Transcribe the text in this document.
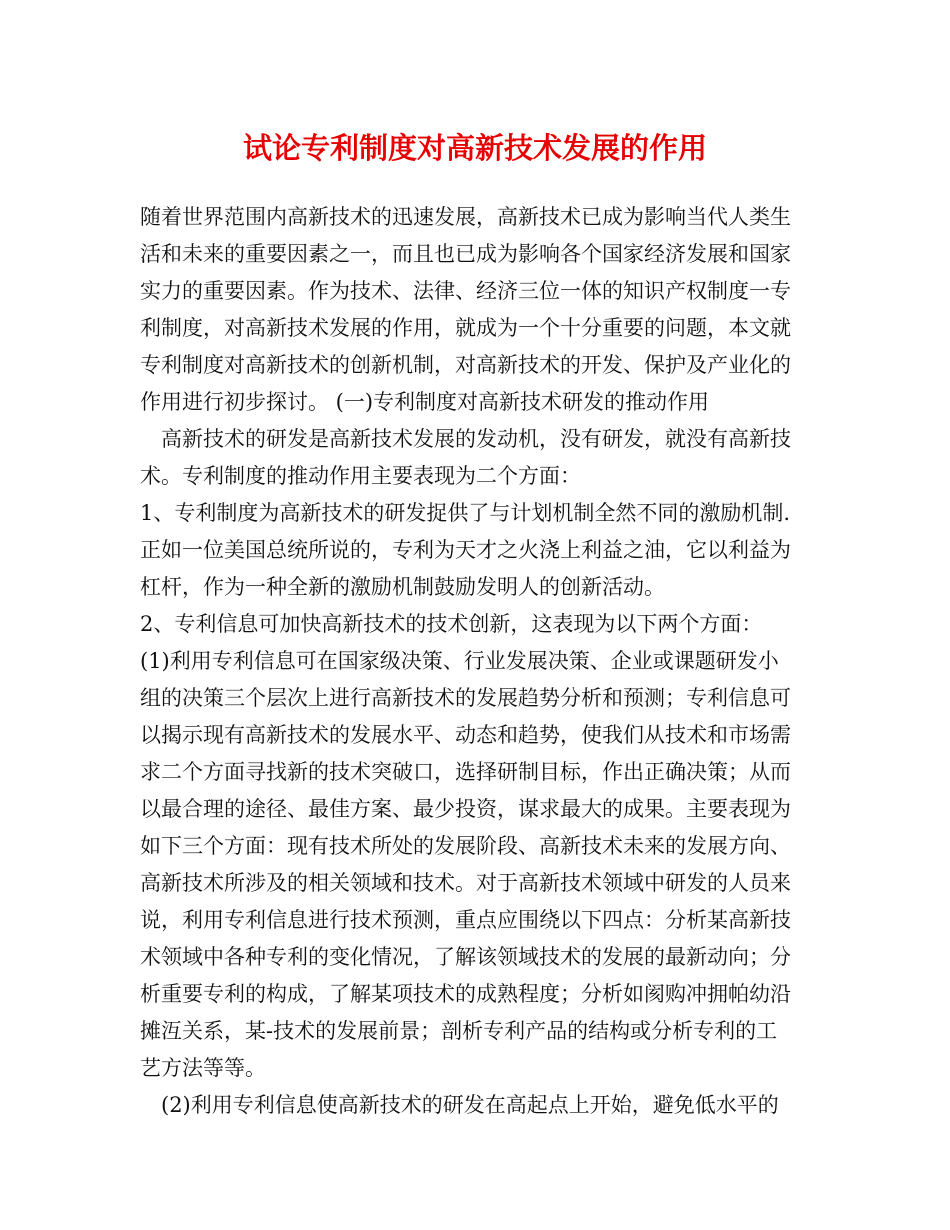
试论专利制度对高新技术发展的作用
随着世界范围内高新技术的迅速发展，高新技术已成为影响当代人类生
活和未来的重要因素之一，而且也已成为影响各个国家经济发展和国家
实力的重要因素。作为技术、法律、经济三位一体的知识产权制度一专
利制度，对高新技术发展的作用，就成为一个十分重要的问题，本文就
专利制度对高新技术的创新机制，对高新技术的开发、保护及产业化的
作用进行初步探讨。 (一)专利制度对高新技术研发的推动作用
高新技术的研发是高新技术发展的发动机，没有研发，就没有高新技
术。专利制度的推动作用主要表现为二个方面：
1、专利制度为高新技术的研发捉供了与计划机制全然不同的激励机制.
正如一位美国总统所说的，专利为天才之火浇上利益之油，它以利益为
杠杆，作为一种全新的激励机制鼓励发明人的创新活动。
2、专利信息可加快高新技术的技术创新，这表现为以下两个方面：
(1)利用专利信息可在国家级决策、行业发展决策、企业或课题研发小
组的决策三个层次上进行高新技术的发展趋势分析和预测；专利信息可
以揭示现有高新技术的发展水平、动态和趋势，使我们从技术和市场需
求二个方面寻找新的技术突破口，选择研制目标，作出正确决策；从而
以最合理的途径、最佳方案、最少投资，谋求最大的成果。主要表现为
如下三个方面：现有技术所处的发展阶段、高新技术未来的发展方向、
高新技术所涉及的相关领域和技术。对于高新技术领域中研发的人员来
说，利用专利信息进行技术预测，重点应围绕以下四点：分析某高新技
术领域中各种专利的变化情况，了解该领域技术的发展的最新动向；分
析重要专利的构成，了解某项技术的成熟程度；分析如阂购冲拥帕幼沿
摊沍关系，某-技术的发展前景；剖析专利产品的结构或分析专利的工
艺方法等等。
(2)利用专利信息使高新技术的研发在高起点上开始，避免低水平的
